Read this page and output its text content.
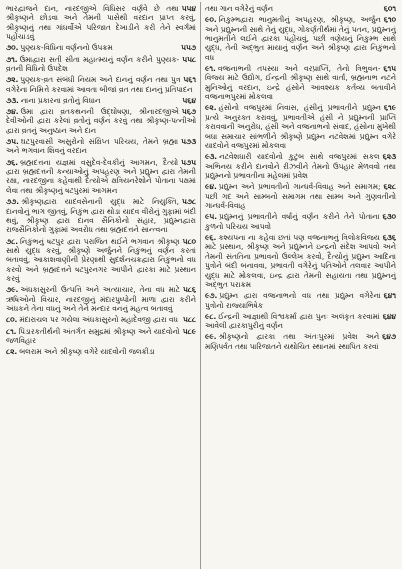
૫૫૪
ભારદ્વાજને દાન, નારદજીએ વિધિસર વર્ણવે છે તથા શ્રીકૃષ્ણને છોડવા અને તેમની પાસેથી વરદાન પ્રાપ્ત કરવું, શ્રીકૃષ્ણનું તથા ગાંધર્વોએ પરિજાત દેખાડીને કરી તેને સ્વર્ગમાં પહોંચાડવું
૫૫૭
૭૦. પુણ્યક-વિધિના વર્ણનનો ઉપક્રમ
૫૫૮
૭૧. ઉમાદ્વારા સતી સીતા મહાત્મ્યનું વર્ણન કરીને પુણ્યક-વ્રતની વિધિનો ઉપદેશ
૫૬૧
૭૨. પુણ્યક-વ્રત સંબંધી નિયમ અને દાનનું વર્ણન તથા પુત્ર વગેરેના નિમિત્તે કરવામાં આવતા બીજાં વ્રત તથા દાનનું પ્રતિપાદન
૫૬૪
૭૩. નાના પ્રકારના વ્રતોનું વિધાન
૫૬૭
૭૪. ઉમા દ્વારા વ્રતકથનની ઉદ્ઘોષણા, શ્રીનારદજીએ દેવીઓની દ્વારા કરેલાં વ્રતોનું વર્ણન કરવું તથા શ્રીકૃષ્ણ-પત્નીઓ દ્વારા વ્રતનું અનુષ્ઠાન અને દાન
૫૭૩
૭૫. ઘટપુરવાસી અસુરોનો સંક્ષિપ્ત પરિચય, તેમને બ્રહ્મા અને ભગવાન શિવનું વરદાન
૫૭૫
૭૬. બ્રહ્મદત્તના યજ્ઞમાં વસુદેવ-દેવકીનું આગમન, દૈત્યો દ્વારા બ્રહ્મદત્તની કન્યાઓનું અપહરણ અને પ્રદ્યુમ્ન દ્વારા તેમની રક્ષા, નારદજીના કહેવાથી દૈત્યોએ ક્ષત્રિયનરેશોને પોતાના પક્ષમાં લેવા તથા શ્રીકૃષ્ણનું ષટપુરમાં આગમન
૫૭૮
૭૭. શ્રીકૃષ્ણદ્વારા યાદવસેનાની યુદ્ધ માટે નિયુક્તિ, દાનવોનું ભાગ જીતવું, નિકુંભ દ્વારા થોડા યાદવ વીરોનું ગુફામાં બંદી થવું, શ્રીકૃષ્ણ દ્વારા દાનવ સૈનિકોનો સંહાર, પ્રદ્યુમ્નદ્વારા રાજસૈનિકોનો ગુફામાં અવરોધ તથા બ્રહ્મદત્તને સાન્ત્વના
૫૮૦
૭૮. નિકુંભનું ષટપુર દ્વારા પરાજિત થઈને ભગવાન શ્રીકૃષ્ણ સાથે યુદ્ધ કરવું, શ્રીકૃષ્ણે અર્જુનને નિકુંભનું વર્ણન કરતાં બતાવવું, આકાશવાણીની પ્રેરણાથી સુદર્શનચક્રદ્વારા નિકુંભનો વધ કરવો અને બ્રહ્મદત્તને ષટપુરનગર આપીને દ્વારકા માટે પ્રસ્થાન કરવું
૫૮૬
૭૯. અંધકાસુરની ઉત્પત્તિ અને અત્યાચાર, તેના વધ માટે ઋષિઓનો વિચાર, નારદજીનું મંદારપુષ્પોની માળા દ્વારા કરીને અંધકને તેના વધનું અને તેને મન્દાર વનનું મહત્વ બતાવવું
૫૮૮
૮૦. મંદારાચલ પર ગયેલા અંધકાસુરનો મહાદેવજી દ્વારા વધ
૫૮૯
૮૧. પિંડારકતીર્થની અંતર્ગત સમુદ્રમાં શ્રીકૃષ્ણ અને યાદવોનો જળવિહાર
૮૨. બલરામ અને શ્રીકૃષ્ણ વગેરે યાદવોની જલક્રીડા
૬૦૧
તથા ગાન વગેરેનું વર્ણન
૬૧૦
૯૦. નિકુમ્ભદ્વારા ભાનુમતીનું અપહરણ, શ્રીકૃષ્ણ, અર્જુન અને પ્રદ્યુમ્નની સાથે તેનું યુદ્ધ, ગોકર્ણતીર્થમાં તેનું પતન, પ્રદ્યુમ્નનું ભાનુમતીને લઈને દ્વારકા પહોંચવું, પછી ત્રણેયનું નિકુમ્ભ સાથે યુદ્ધ, તેની અદ્ભુત માયાનું વર્ણન અને શ્રીકૃષ્ણ દ્વારા નિકુંભનો વધ
૬૧૫
૯૧. વજ્રનાભની તપસ્યા અને વરપ્રાપ્તિ, તેનો ત્રિભુવન-વિજય માટે ઉદ્યોગ, ઈન્દ્રની શ્રીકૃષ્ણ સાથે વાર્તા, બ્રહ્મનાભ નટને મુનિઓનું વરદાન, ઇન્દ્રે હંસોને આવશ્યક કર્તવ્ય બતાવીને વજ્રનાભપુરમાં મોકલવા
૬૧૯
૯૨. હંસોનો વજ્રપુરમાં નિવાસ, હંસીનું પ્રભાવતીને પ્રદ્યુમ્ન પ્રત્યે અનુરક્ત કરાવવું, પ્રભાવતીએ હંસી ને પ્રદ્યુમ્નની પ્રાપ્તિ કરાવવાની અનુરોધ, હંસી અને વજ્રનાભનો સંવાદ, હંસોના મુખેથી બધા સમાચાર સાંભળીને શ્રીકૃષ્ણે પ્રદ્યુમ્ન નટવેશમાં પ્રદ્યુમ્ન વગેરે યાદવોને વજ્રપુરમાં મોકલવા
૬૨૩
૯૩. નટવેશધારી યાદવોનો કુટુંબ સાથે વજ્રપુરમાં સકલ અભિનય કરીને દાનવોને રીઝવીને તેમનો ઉપહાર મેળવવો તથા પ્રદ્યુમ્નનો પ્રભાવતીના મહેલમાં પ્રવેશ
૬૨૮
૯૪. પ્રદ્યુમ્ન અને પ્રભાવતીનો ગાન્ધર્વ-વિવાહ અને સમાગમ; પછી ગદ અને સામ્બનો સમાગમ તથા સામ્બ અને ગુણવતીનો ગાન્ધર્વ-વિવાહ
૬૩૦
૯૫. પ્રદ્યુમ્નનું પ્રભાવતીને વર્ષાનું વર્ણન કરીને તેને પોતાના કુળનો પરિચય આપવો
૬૩૬
૯૬. કશ્યપના ના કહેવા છતાં પણ વજ્રનાભનું ત્રિલોકવિજય માટે પ્રસ્થાન, શ્રીકૃષ્ણ અને પ્રદ્યુમ્નને ઇન્દ્રનો સંદેશ આપવો અને તેમની સંતતિના પ્રભાવનો ઉલ્લેખ કરવો, દૈત્યોનું પ્રદ્યુમ્ન આદિના પુત્રોને બંદી બનાવવા, પ્રભાવતી વગેરેનું પતિઓને તલવાર આપીને યુદ્ધ માટે મોકલવા, ઇન્દ્ર દ્વારા તેમની સહાયતા તથા પ્રદ્યુમ્નનું અદ્ભુત પરાક્રમ
૬૪૧
૯૭. પ્રદ્યુમ્ન દ્વારા વજ્રનાભનો વધ તથા પ્રદ્યુમ્ન વગેરેના પુત્રોનો રાજ્યાભિષેક
૬૪૪
૯૮. ઈન્દ્રની આજ્ઞાથી વિશ્વકર્મા દ્વારા પુનઃ અલંકૃત કરવામાં આવેલી દ્વારકાપુરીનું વર્ણન
૬૪૭
૯૯. શ્રીકૃષ્ણનો દ્વારકા તથા અંતઃપુરમાં પ્રવેશ અને મણિપર્વત તથા પારિજાતને યથોચિત સ્થાનમાં સ્થાપિત કરવાં
